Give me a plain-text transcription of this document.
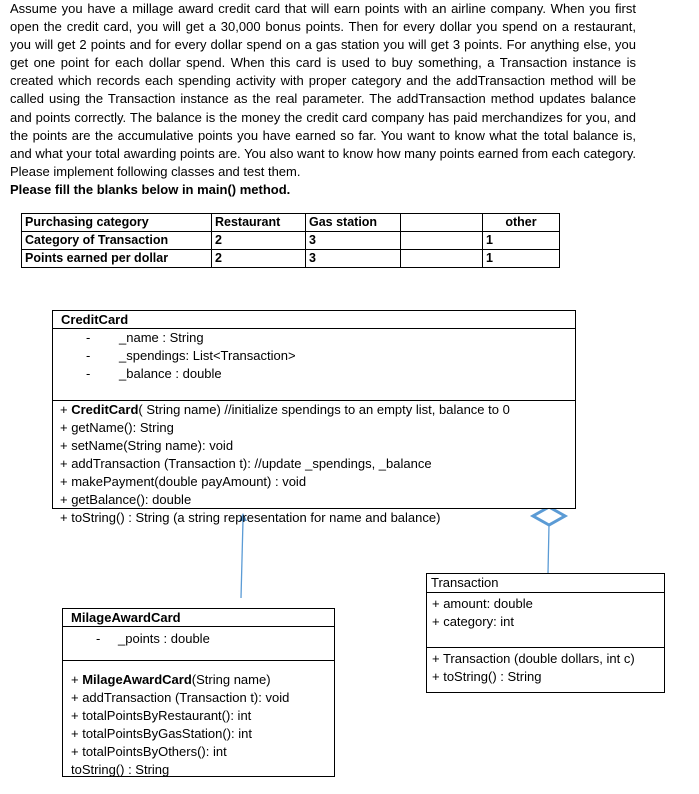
Assume you have a millage award credit card that will earn points with an airline company. When you first open the credit card, you will get a 30,000 bonus points. Then for every dollar you spend on a restaurant, you will get 2 points and for every dollar spend on a gas station you will get 3 points. For anything else, you get one point for each dollar spend. When this card is used to buy something, a Transaction instance is created which records each spending activity with proper category and the addTransaction method will be called using the Transaction instance as the real parameter. The addTransaction method updates balance and points correctly. The balance is the money the credit card company has paid merchandizes for you, and the points are the accumulative points you have earned so far. You want to know what the total balance is, and what your total awarding points are. You also want to know how many points earned from each category. Please implement following classes and test them.
Please fill the blanks below in main() method.

Purchasing category	Restaurant	Gas station		other
Category of Transaction	2	3		1
Points earned per dollar	2	3		1
CreditCard
- _name : String
- _spendings: List<Transaction>
- _balance : double
+ CreditCard( String name) //initialize spendings to an empty list, balance to 0
+ getName(): String
+ setName(String name): void
+ addTransaction (Transaction t): //update _spendings, _balance
+ makePayment(double payAmount) : void
+ getBalance(): double
+ toString() : String (a string representation for name and balance)
MilageAwardCard
- _points : double
+ MilageAwardCard(String name)
+ addTransaction (Transaction t): void
+ totalPointsByRestaurant(): int
+ totalPointsByGasStation(): int
+ totalPointsByOthers(): int
toString() : String
Transaction
+ amount: double
+ category: int
+ Transaction (double dollars, int c)
+ toString() : String
